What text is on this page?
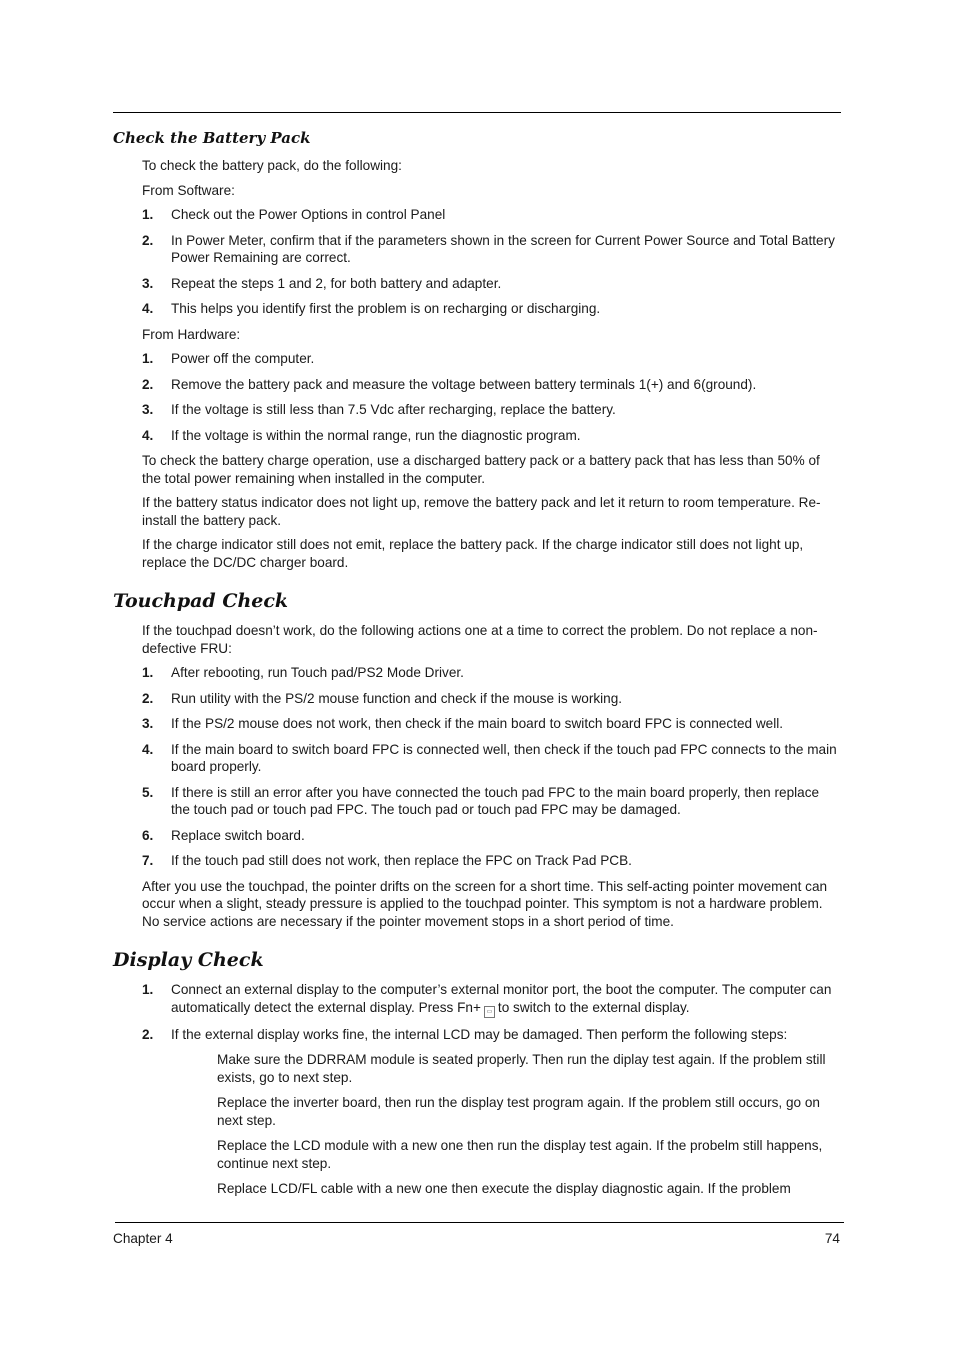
Check the Battery Pack

To check the battery pack, do the following:

From Software:

1. Check out the Power Options in control Panel
2. In Power Meter, confirm that if the parameters shown in the screen for Current Power Source and Total Battery Power Remaining are correct.
3. Repeat the steps 1 and 2, for both battery and adapter.
4. This helps you identify first the problem is on recharging or discharging.

From Hardware:

1. Power off the computer.
2. Remove the battery pack and measure the voltage between battery terminals 1(+) and 6(ground).
3. If the voltage is still less than 7.5 Vdc after recharging, replace the battery.
4. If the voltage is within the normal range, run the diagnostic program.

To check the battery charge operation, use a discharged battery pack or a battery pack that has less than 50% of the total power remaining when installed in the computer.

If the battery status indicator does not light up, remove the battery pack and let it return to room temperature. Re-install the battery pack.

If the charge indicator still does not emit, replace the battery pack. If the charge indicator still does not light up, replace the DC/DC charger board.

Touchpad Check

If the touchpad doesn’t work, do the following actions one at a time to correct the problem. Do not replace a non-defective FRU:

1. After rebooting, run Touch pad/PS2 Mode Driver.
2. Run utility with the PS/2 mouse function and check if the mouse is working.
3. If the PS/2 mouse does not work, then check if the main board to switch board FPC is connected well.
4. If the main board to switch board FPC is connected well, then check if the touch pad FPC connects to the main board properly.
5. If there is still an error after you have connected the touch pad FPC to the main board properly, then replace the touch pad or touch pad FPC. The touch pad or touch pad FPC may be damaged.
6. Replace switch board.
7. If the touch pad still does not work, then replace the FPC on Track Pad PCB.

After you use the touchpad, the pointer drifts on the screen for a short time. This self-acting pointer movement can occur when a slight, steady pressure is applied to the touchpad pointer. This symptom is not a hardware problem. No service actions are necessary if the pointer movement stops in a short period of time.

Display Check
1. Connect an external display to the computer’s external monitor port, the boot the computer. The computer can automatically detect the external display. Press Fn+ ▭ to switch to the external display.
2. If the external display works fine, the internal LCD may be damaged. Then perform the following steps:
Make sure the DDRRAM module is seated properly. Then run the diplay test again. If the problem still exists, go to next step.
Replace the inverter board, then run the display test program again. If the problem still occurs, go on next step.
Replace the LCD module with a new one then run the display test again. If the probelm still happens, continue next step.
Replace LCD/FL cable with a new one then execute the display diagnostic again. If the problem
Chapter 4	74
